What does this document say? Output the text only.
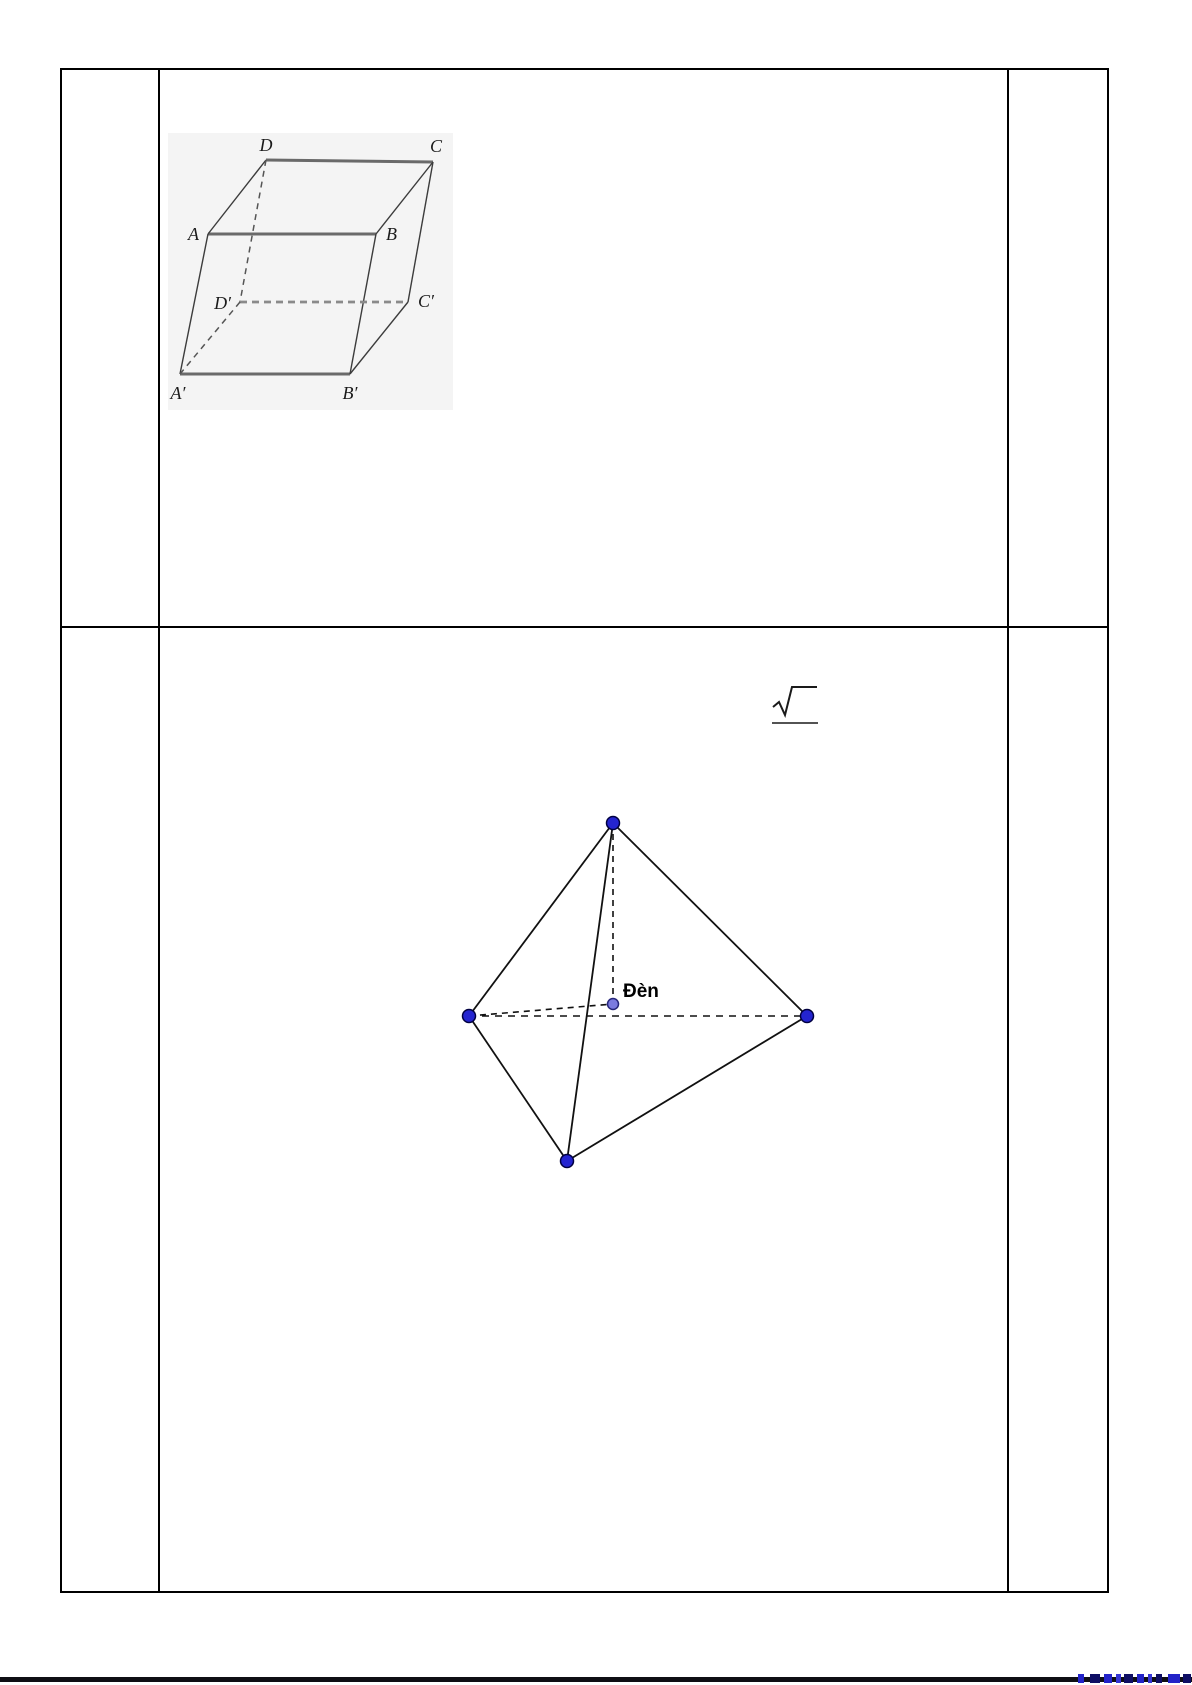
D	C
A	B
D′	C′
A′	B′
Đèn
